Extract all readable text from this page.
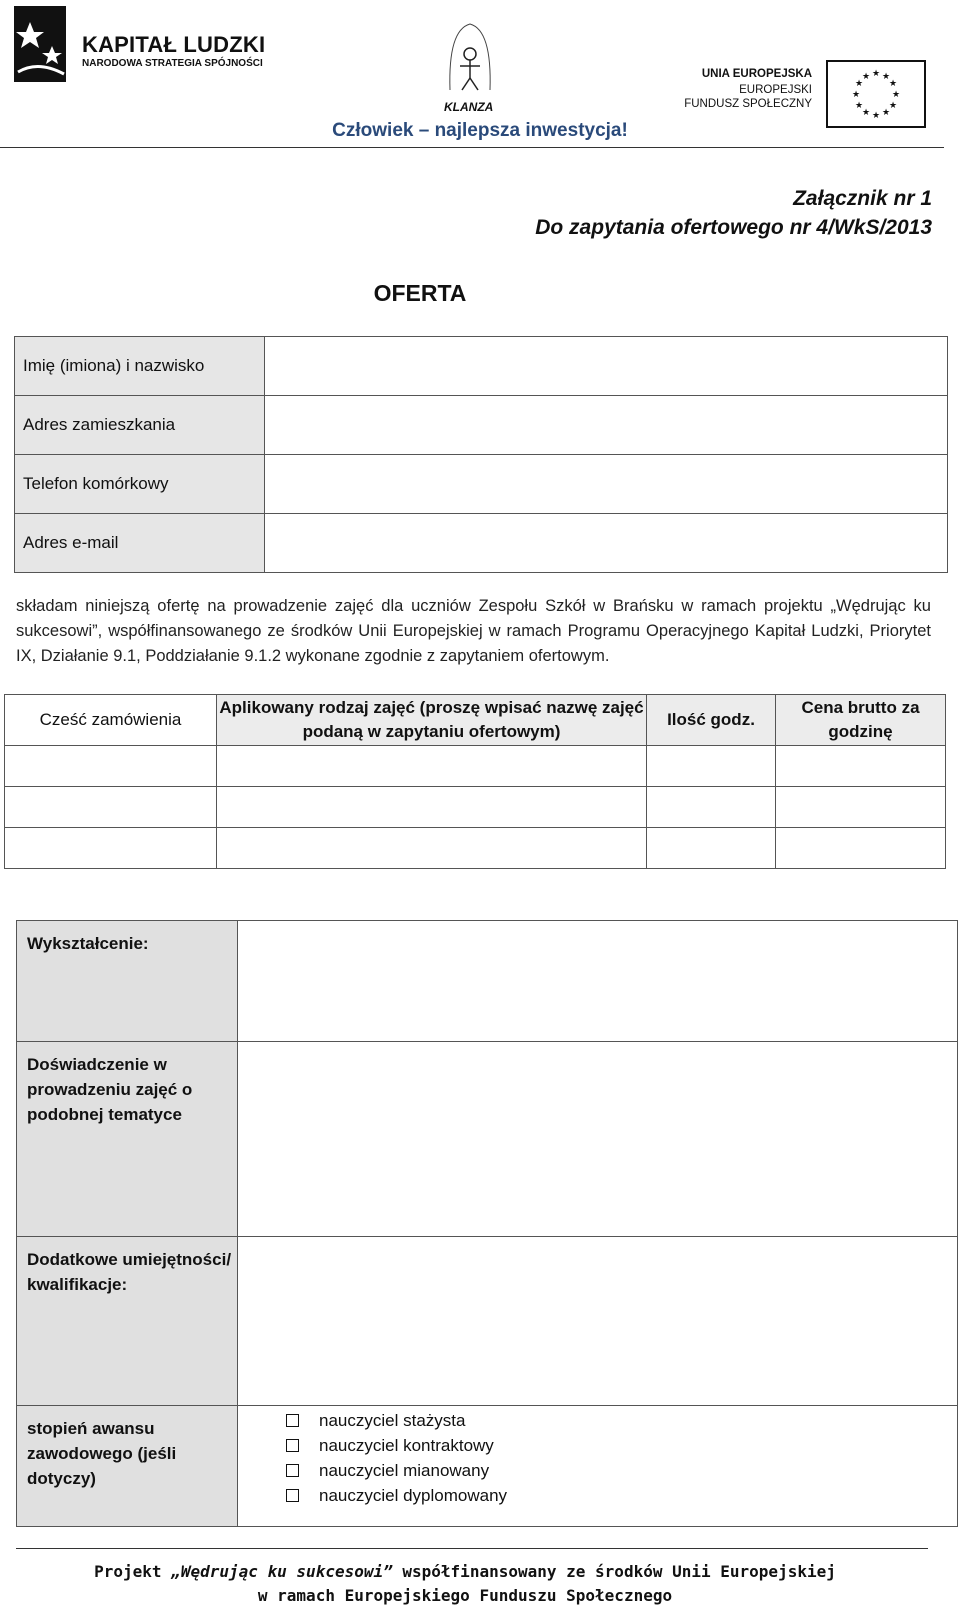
KAPITAŁ LUDZKI
NARODOWA STRATEGIA SPÓJNOŚCI
KLANZA
UNIA EUROPEJSKA
EUROPEJSKI
FUNDUSZ SPOŁECZNY
★ ★
★
★
★
★
★
★
★
★
★
★
Człowiek – najlepsza inwestycja!
Załącznik nr 1
Do zapytania ofertowego nr 4/WkS/2013
OFERTA
Imię (imiona) i nazwisko
Adres zamieszkania
Telefon komórkowy
Adres e-mail
składam niniejszą ofertę na prowadzenie zajęć dla uczniów Zespołu Szkół w Brańsku w ramach projektu „Wędrując ku sukcesowi”, współfinansowanego ze środków Unii Europejskiej w ramach Programu Operacyjnego Kapitał Ludzki, Priorytet IX, Działanie 9.1, Poddziałanie 9.1.2 wykonane zgodnie z zapytaniem ofertowym.
Cześć zamówienia
Aplikowany rodzaj zajęć (proszę wpisać nazwę zajęć podaną w zapytaniu ofertowym)
Ilość godz.
Cena brutto za godzinę
Wykształcenie:
Doświadczenie w prowadzeniu zajęć o podobnej tematyce
Dodatkowe umiejętności/ kwalifikacje:
stopień awansu zawodowego (jeśli dotyczy)
nauczyciel stażysta
nauczyciel kontraktowy
nauczyciel mianowany
nauczyciel dyplomowany
Projekt „Wędrując ku sukcesowi” współfinansowany ze środków Unii Europejskiej
w ramach Europejskiego Funduszu Społecznego
